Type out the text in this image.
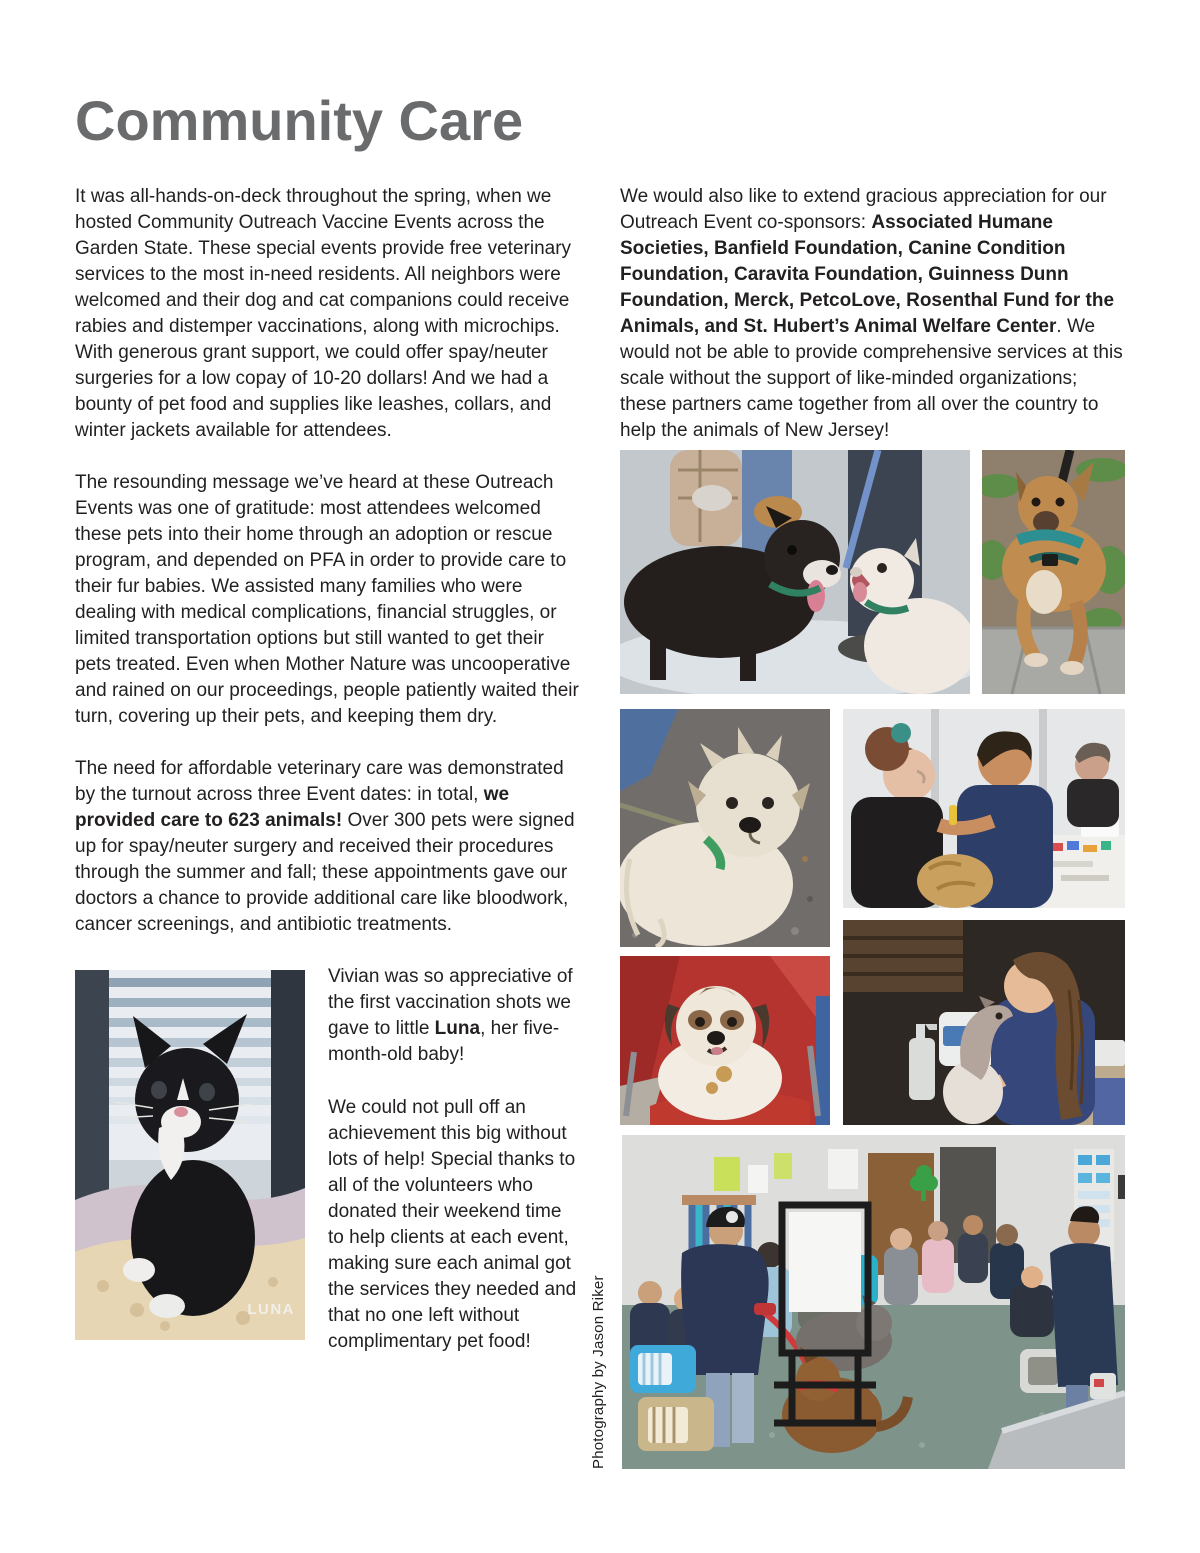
Community Care

It was all-hands-on-deck throughout the spring, when we hosted Community Outreach Vaccine Events across the Garden State. These special events provide free veterinary services to the most in-need residents. All neighbors were welcomed and their dog and cat companions could receive rabies and distemper vaccinations, along with microchips. With generous grant support, we could offer spay/neuter surgeries for a low copay of 10-20 dollars! And we had a bounty of pet food and supplies like leashes, collars, and winter jackets available for attendees.

The resounding message we’ve heard at these Outreach Events was one of gratitude: most attendees welcomed these pets into their home through an adoption or rescue program, and depended on PFA in order to provide care to their fur babies. We assisted many families who were dealing with medical complications, financial struggles, or limited transportation options but still wanted to get their pets treated. Even when Mother Nature was uncooperative and rained on our proceedings, people patiently waited their turn, covering up their pets, and keeping them dry.

The need for affordable veterinary care was demonstrated by the turnout across three Event dates: in total, we provided care to 623 animals! Over 300 pets were signed up for spay/neuter surgery and received their procedures through the summer and fall; these appointments gave our doctors a chance to provide additional care like bloodwork, cancer screenings, and antibiotic treatments.

We would also like to extend gracious appreciation for our Outreach Event co-sponsors: Associated Humane Societies, Banfield Foundation, Canine Condition Foundation, Caravita Foundation, Guinness Dunn Foundation, Merck, PetcoLove, Rosenthal Fund for the Animals, and St. Hubert’s Animal Welfare Center. We would not be able to provide comprehensive services at this scale without the support of like-minded organizations; these partners came together from all over the country to help the animals of New Jersey!

Vivian was so appreciative of the first vaccination shots we gave to little Luna, her five-month-old baby!

We could not pull off an achievement this big without lots of help! Special thanks to all of the volunteers who donated their weekend time to help clients at each event, making sure each animal got the services they needed and that no one left without complimentary pet food!

LUNA	Photography by Jason Riker
